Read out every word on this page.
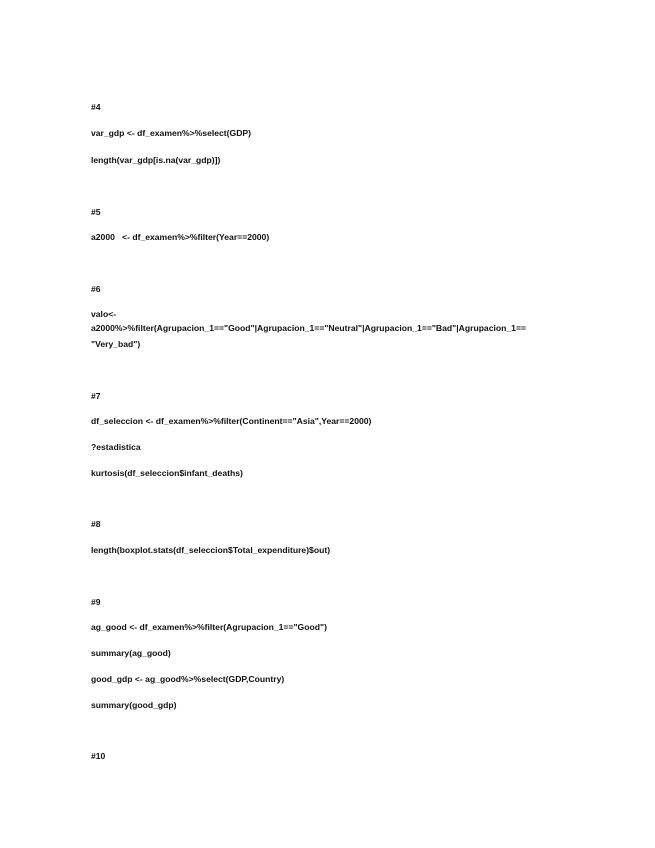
#4
var_gdp <- df_examen%>%select(GDP)
length(var_gdp[is.na(var_gdp)])
#5
a2000   <- df_examen%>%filter(Year==2000)
#6
valo<-
a2000%>%filter(Agrupacion_1=="Good"|Agrupacion_1=="Neutral"|Agrupacion_1=="Bad"|Agrupacion_1==
"Very_bad")
#7
df_seleccion <- df_examen%>%filter(Continent=="Asia",Year==2000)
?estadistica
kurtosis(df_seleccion$infant_deaths)
#8
length(boxplot.stats(df_seleccion$Total_expenditure)$out)
#9
ag_good <- df_examen%>%filter(Agrupacion_1=="Good")
summary(ag_good)
good_gdp <- ag_good%>%select(GDP,Country)
summary(good_gdp)
#10
